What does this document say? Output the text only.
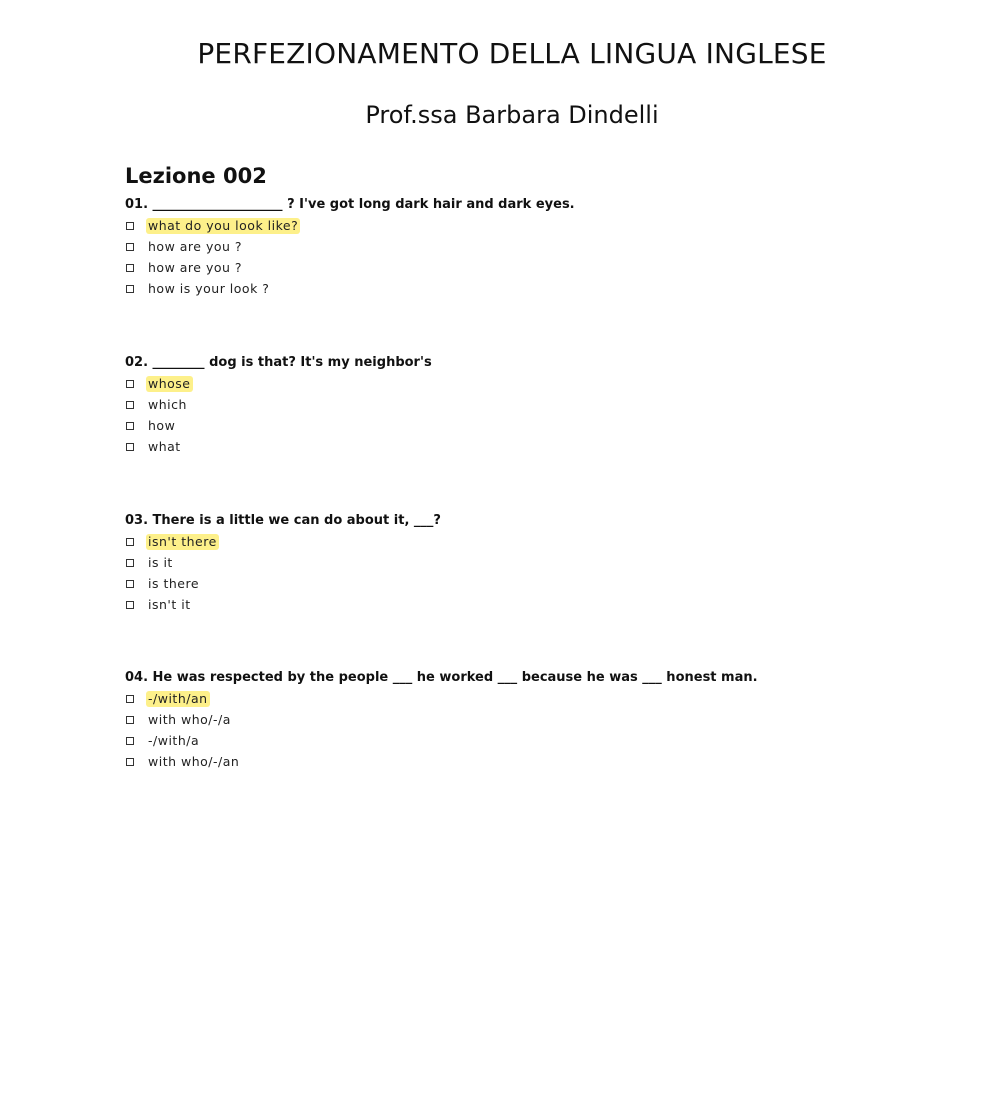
PERFEZIONAMENTO DELLA LINGUA INGLESE
Prof.ssa Barbara Dindelli
Lezione 002

01. ____________________ ? I've got long dark hair and dark eyes.

what do you look like?
how are you ?
how are you ?
how is your look ?

02. ________ dog is that? It's my neighbor's

whose
which
how
what

03. There is a little we can do about it, ___?

isn't there
is it
is there
isn't it

04. He was respected by the people ___ he worked ___ because he was ___ honest man.

-/with/an
with who/-/a
-/with/a
with who/-/an
